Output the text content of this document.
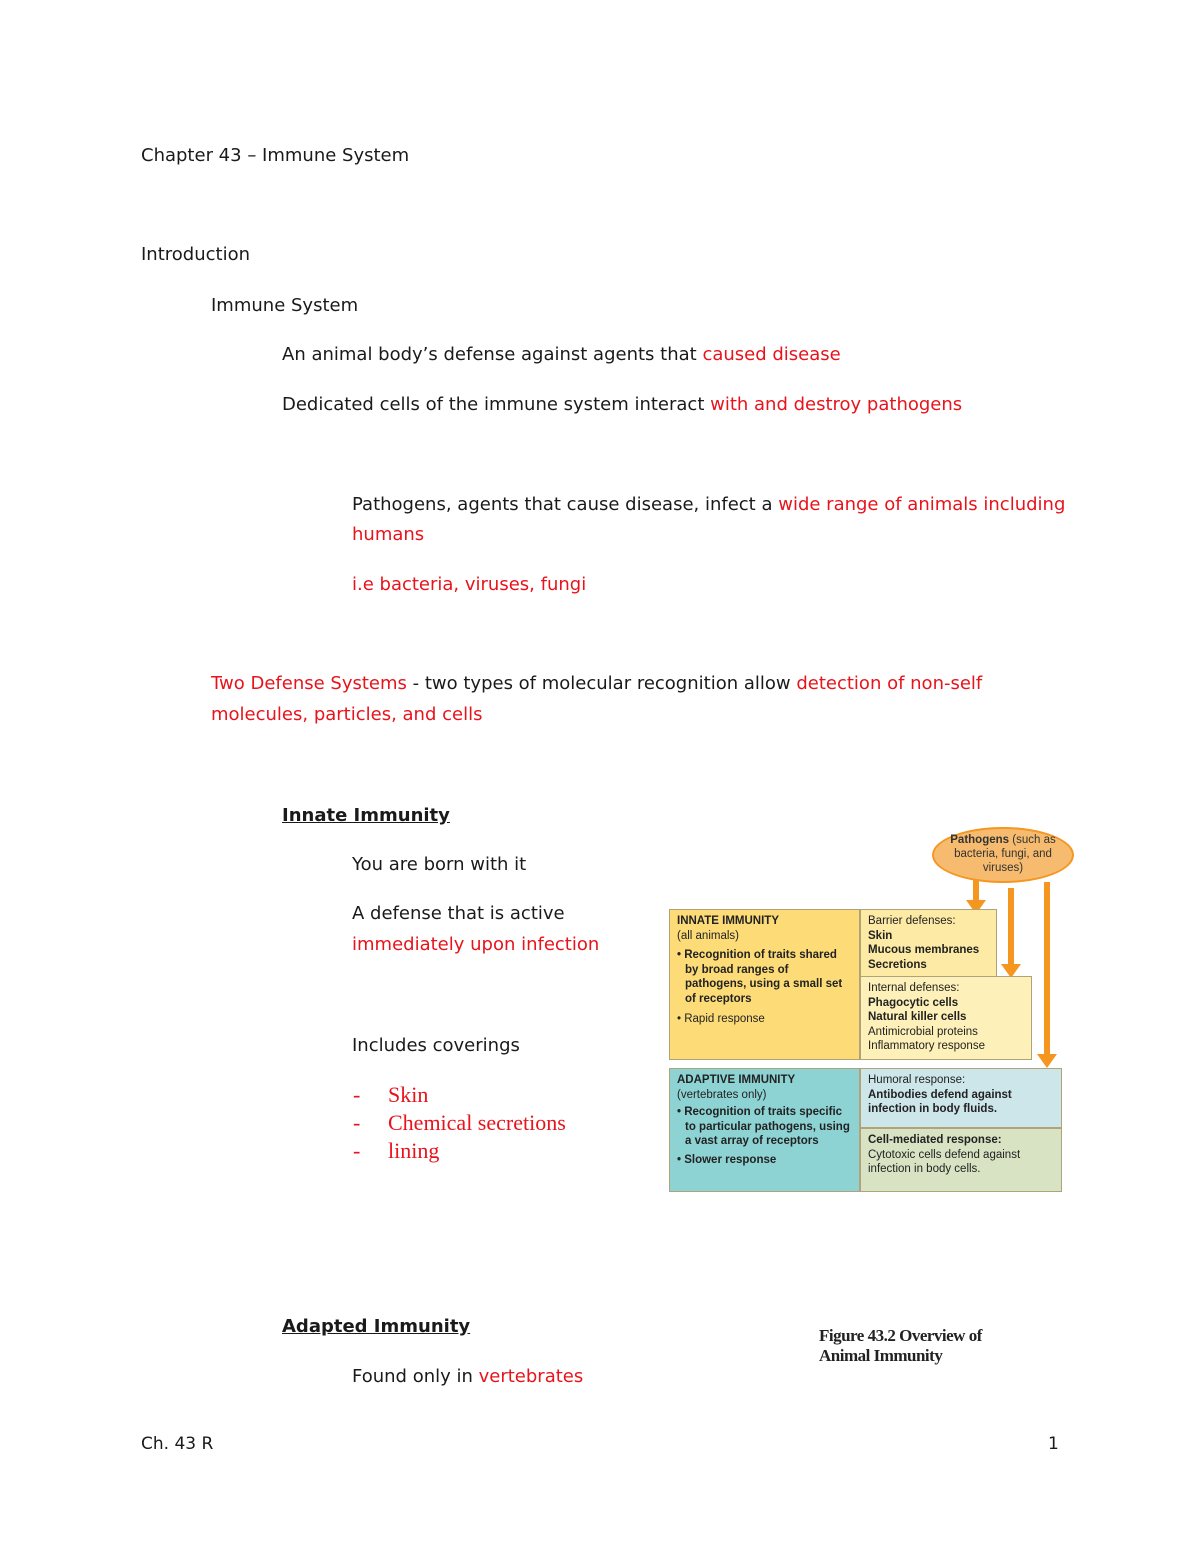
Chapter 43 – Immune System
Introduction
Immune System
An animal body’s defense against agents that caused disease
Dedicated cells of the immune system interact with and destroy pathogens
Pathogens, agents that cause disease, infect a wide range of animals including
humans
i.e bacteria, viruses, fungi
Two Defense Systems - two types of molecular recognition allow detection of non-self
molecules, particles, and cells
Innate Immunity
You are born with it
A defense that is active
immediately upon infection
Includes coverings
- Skin
- Chemical secretions
- lining
Adapted Immunity
Found only in vertebrates
Pathogens (such as bacteria, fungi, and viruses)
INNATE IMMUNITY
(all animals)
• Recognition of traits shared by broad ranges of pathogens, using a small set of receptors
• Rapid response
Barrier defenses:
Skin
Mucous membranes
Secretions
Internal defenses:
Phagocytic cells
Natural killer cells
Antimicrobial proteins
Inflammatory response
ADAPTIVE IMMUNITY
(vertebrates only)
• Recognition of traits specific to particular pathogens, using a vast array of receptors
• Slower response
Humoral response:
Antibodies defend against infection in body fluids.
Cell-mediated response:
Cytotoxic cells defend against infection in body cells.
Figure 43.2 Overview of
Animal Immunity
Ch. 43 R	1
